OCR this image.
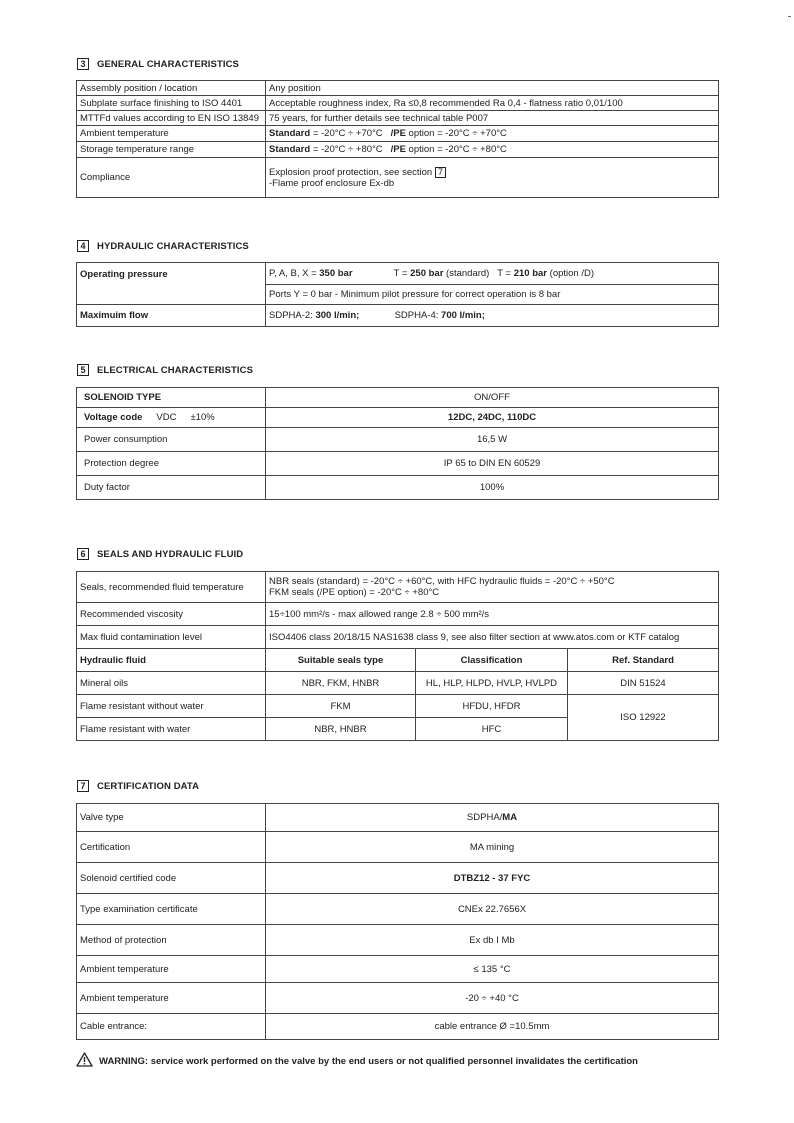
3	GENERAL CHARACTERISTICS
Assembly position / location	Any position
Subplate surface finishing to ISO 4401	Acceptable roughness index, Ra ≤0,8 recommended Ra 0,4 - flatness ratio 0,01/100
MTTFd values according to EN ISO 13849	75 years, for further details see technical table P007
Ambient temperature	Standard = -20°C ÷ +70°C /PE option = -20°C ÷ +70°C
Storage temperature range	Standard = -20°C ÷ +80°C /PE option = -20°C ÷ +80°C
Compliance	Explosion proof protection, see section 7
-Flame proof enclosure Ex-db
4	HYDRAULIC CHARACTERISTICS
Operating pressure	P, A, B, X = 350 bar T = 250 bar (standard) T = 210 bar (option /D)
	Ports Y = 0 bar - Minimum pilot pressure for correct operation is 8 bar
Maximuim flow	SDPHA-2: 300 l/min; SDPHA-4: 700 l/min;
5	ELECTRICAL CHARACTERISTICS
SOLENOID TYPE	ON/OFF
Voltage code VDC ±10%	12DC, 24DC, 110DC
Power consumption	16,5 W
Protection degree	IP 65 to DIN EN 60529
Duty factor	100%
6	SEALS AND HYDRAULIC FLUID
Seals, recommended fluid temperature	NBR seals (standard) = -20°C ÷ +60°C, with HFC hydraulic fluids = -20°C ÷ +50°C
FKM seals (/PE option) = -20°C ÷ +80°C		

Recommended viscosity	15÷100 mm²/s - max allowed range 2.8 ÷ 500 mm²/s		
Max fluid contamination level	ISO4406 class 20/18/15 NAS1638 class 9, see also filter section at www.atos.com or KTF catalog		
Hydraulic fluid	Suitable seals type	Classification	Ref. Standard
Mineral oils	NBR, FKM, HNBR	HL, HLP, HLPD, HVLP, HVLPD	DIN 51524
Flame resistant without water	FKM	HFDU, HFDR	ISO 12922
Flame resistant with water	NBR, HNBR	HFC	
7	CERTIFICATION DATA
Valve type	SDPHA/MA
Certification	MA mining
Solenoid certified code	DTBZ12 - 37 FYC
Type examination certificate	CNEx 22.7656X
Method of protection	Ex db I Mb
Ambient temperature	≤ 135 °C
Ambient temperature	-20 ÷ +40 °C
Cable entrance:	cable entrance Ø =10.5mm
WARNING: service work performed on the valve by the end users or not qualified personnel invalidates the certification
